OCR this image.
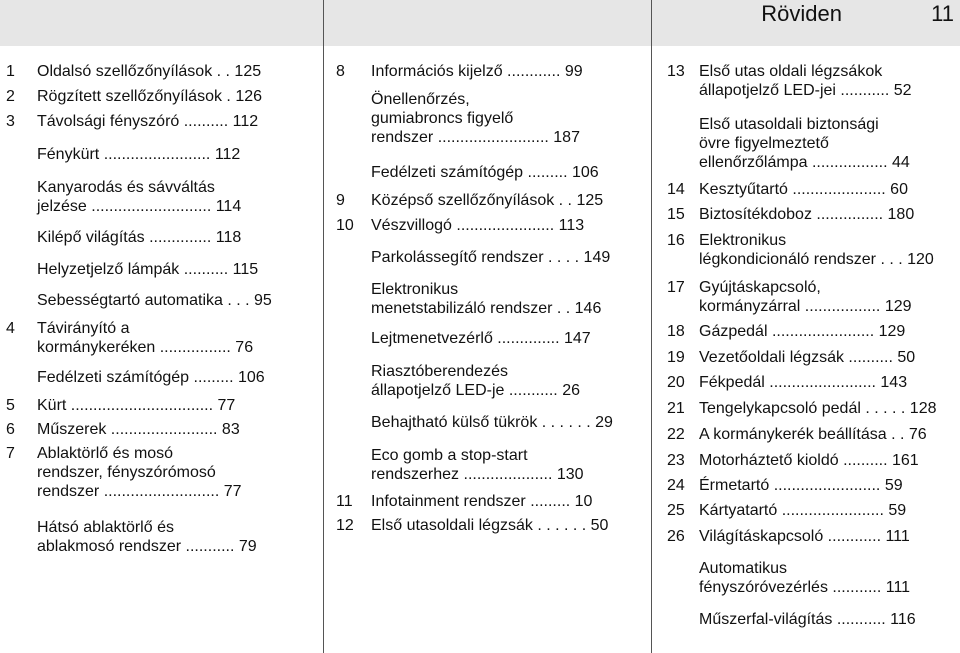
Röviden	11
1 Oldalsó szellőzőnyílások . . 125
2 Rögzített szellőzőnyílások . 126
3 Távolsági fényszóró .......... 112
Fénykürt ........................ 112
Kanyarodás és sávváltás
jelzése ........................... 114
Kilépő világítás .............. 118
Helyzetjelző lámpák .......... 115
Sebességtartó automatika . . . 95
4 Távirányító a
kormánykeréken ................ 76
Fedélzeti számítógép ......... 106
5 Kürt ................................ 77
6 Műszerek ........................ 83
7 Ablaktörlő és mosó
rendszer, fényszórómosó
rendszer .......................... 77
Hátsó ablaktörlő és
ablakmosó rendszer ........... 79
8 Információs kijelző ............ 99
Önellenőrzés,
gumiabroncs figyelő
rendszer ......................... 187
Fedélzeti számítógép ......... 106
9 Középső szellőzőnyílások . . 125
10 Vészvillogó ...................... 113
Parkolássegítő rendszer . . . . 149
Elektronikus
menetstabilizáló rendszer . . 146
Lejtmenetvezérlő .............. 147
Riasztóberendezés
állapotjelző LED-je ........... 26
Behajtható külső tükrök . . . . . . 29
Eco gomb a stop-start
rendszerhez .................... 130
11 Infotainment rendszer ......... 10
12 Első utasoldali légzsák . . . . . . 50
13 Első utas oldali légzsákok
állapotjelző LED-jei ........... 52
Első utasoldali biztonsági
övre figyelmeztető
ellenőrzőlámpa ................. 44
14 Kesztyűtartó ..................... 60
15 Biztosítékdoboz ............... 180
16 Elektronikus
légkondicionáló rendszer . . . 120
17 Gyújtáskapcsoló,
kormányzárral ................. 129
18 Gázpedál ....................... 129
19 Vezetőoldali légzsák .......... 50
20 Fékpedál ........................ 143
21 Tengelykapcsoló pedál . . . . . 128
22 A kormánykerék beállítása . . 76
23 Motorháztető kioldó .......... 161
24 Érmetartó ........................ 59
25 Kártyatartó ....................... 59
26 Világításkapcsoló ............ 111
Automatikus
fényszóróvezérlés ........... 111
Műszerfal-világítás ........... 116
